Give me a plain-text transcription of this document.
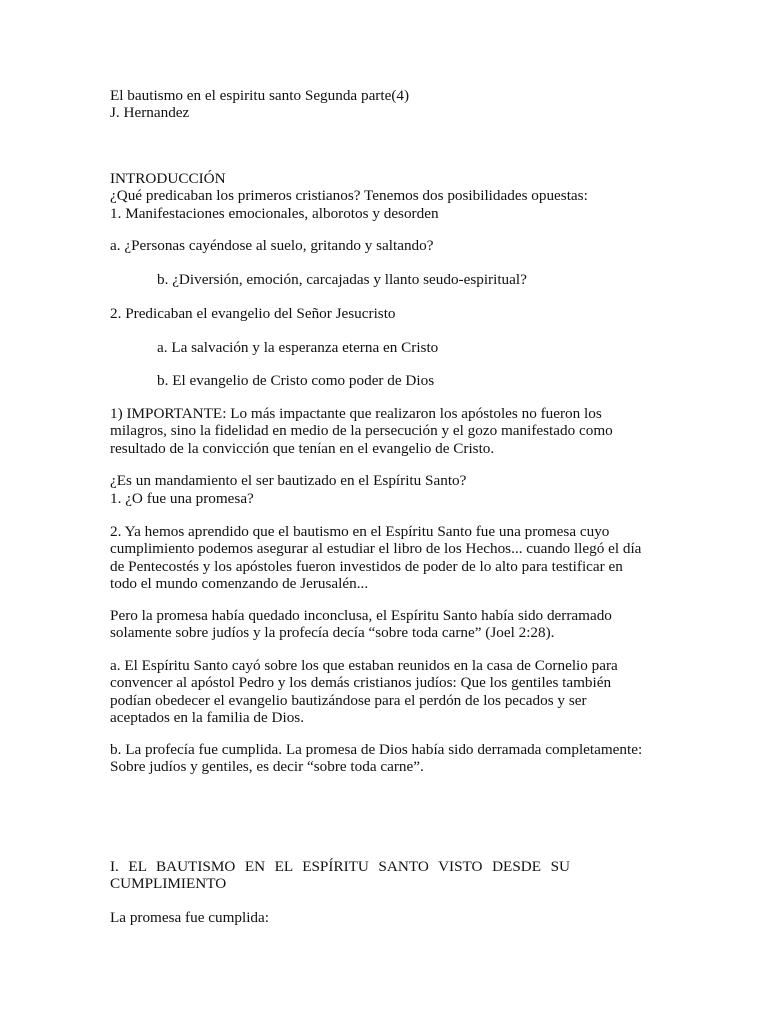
El bautismo en el espiritu santo Segunda parte(4)
J. Hernandez
INTRODUCCIÓN
¿Qué predicaban los primeros cristianos? Tenemos dos posibilidades opuestas:
1. Manifestaciones emocionales, alborotos y desorden
a. ¿Personas cayéndose al suelo, gritando y saltando?
b. ¿Diversión, emoción, carcajadas y llanto seudo-espiritual?
2. Predicaban el evangelio del Señor Jesucristo
a. La salvación y la esperanza eterna en Cristo
b. El evangelio de Cristo como poder de Dios
1) IMPORTANTE: Lo más impactante que realizaron los apóstoles no fueron los
milagros, sino la fidelidad en medio de la persecución y el gozo manifestado como
resultado de la convicción que tenían en el evangelio de Cristo.
¿Es un mandamiento el ser bautizado en el Espíritu Santo?
1. ¿O fue una promesa?
2. Ya hemos aprendido que el bautismo en el Espíritu Santo fue una promesa cuyo
cumplimiento podemos asegurar al estudiar el libro de los Hechos... cuando llegó el día
de Pentecostés y los apóstoles fueron investidos de poder de lo alto para testificar en
todo el mundo comenzando de Jerusalén...
Pero la promesa había quedado inconclusa, el Espíritu Santo había sido derramado
solamente sobre judíos y la profecía decía “sobre toda carne” (Joel 2:28).
a. El Espíritu Santo cayó sobre los que estaban reunidos en la casa de Cornelio para
convencer al apóstol Pedro y los demás cristianos judíos: Que los gentiles también
podían obedecer el evangelio bautizándose para el perdón de los pecados y ser
aceptados en la familia de Dios.
b. La profecía fue cumplida. La promesa de Dios había sido derramada completamente:
Sobre judíos y gentiles, es decir “sobre toda carne”.
I. EL BAUTISMO EN EL ESPÍRITU SANTO VISTO DESDE SU
CUMPLIMIENTO
La promesa fue cumplida:
